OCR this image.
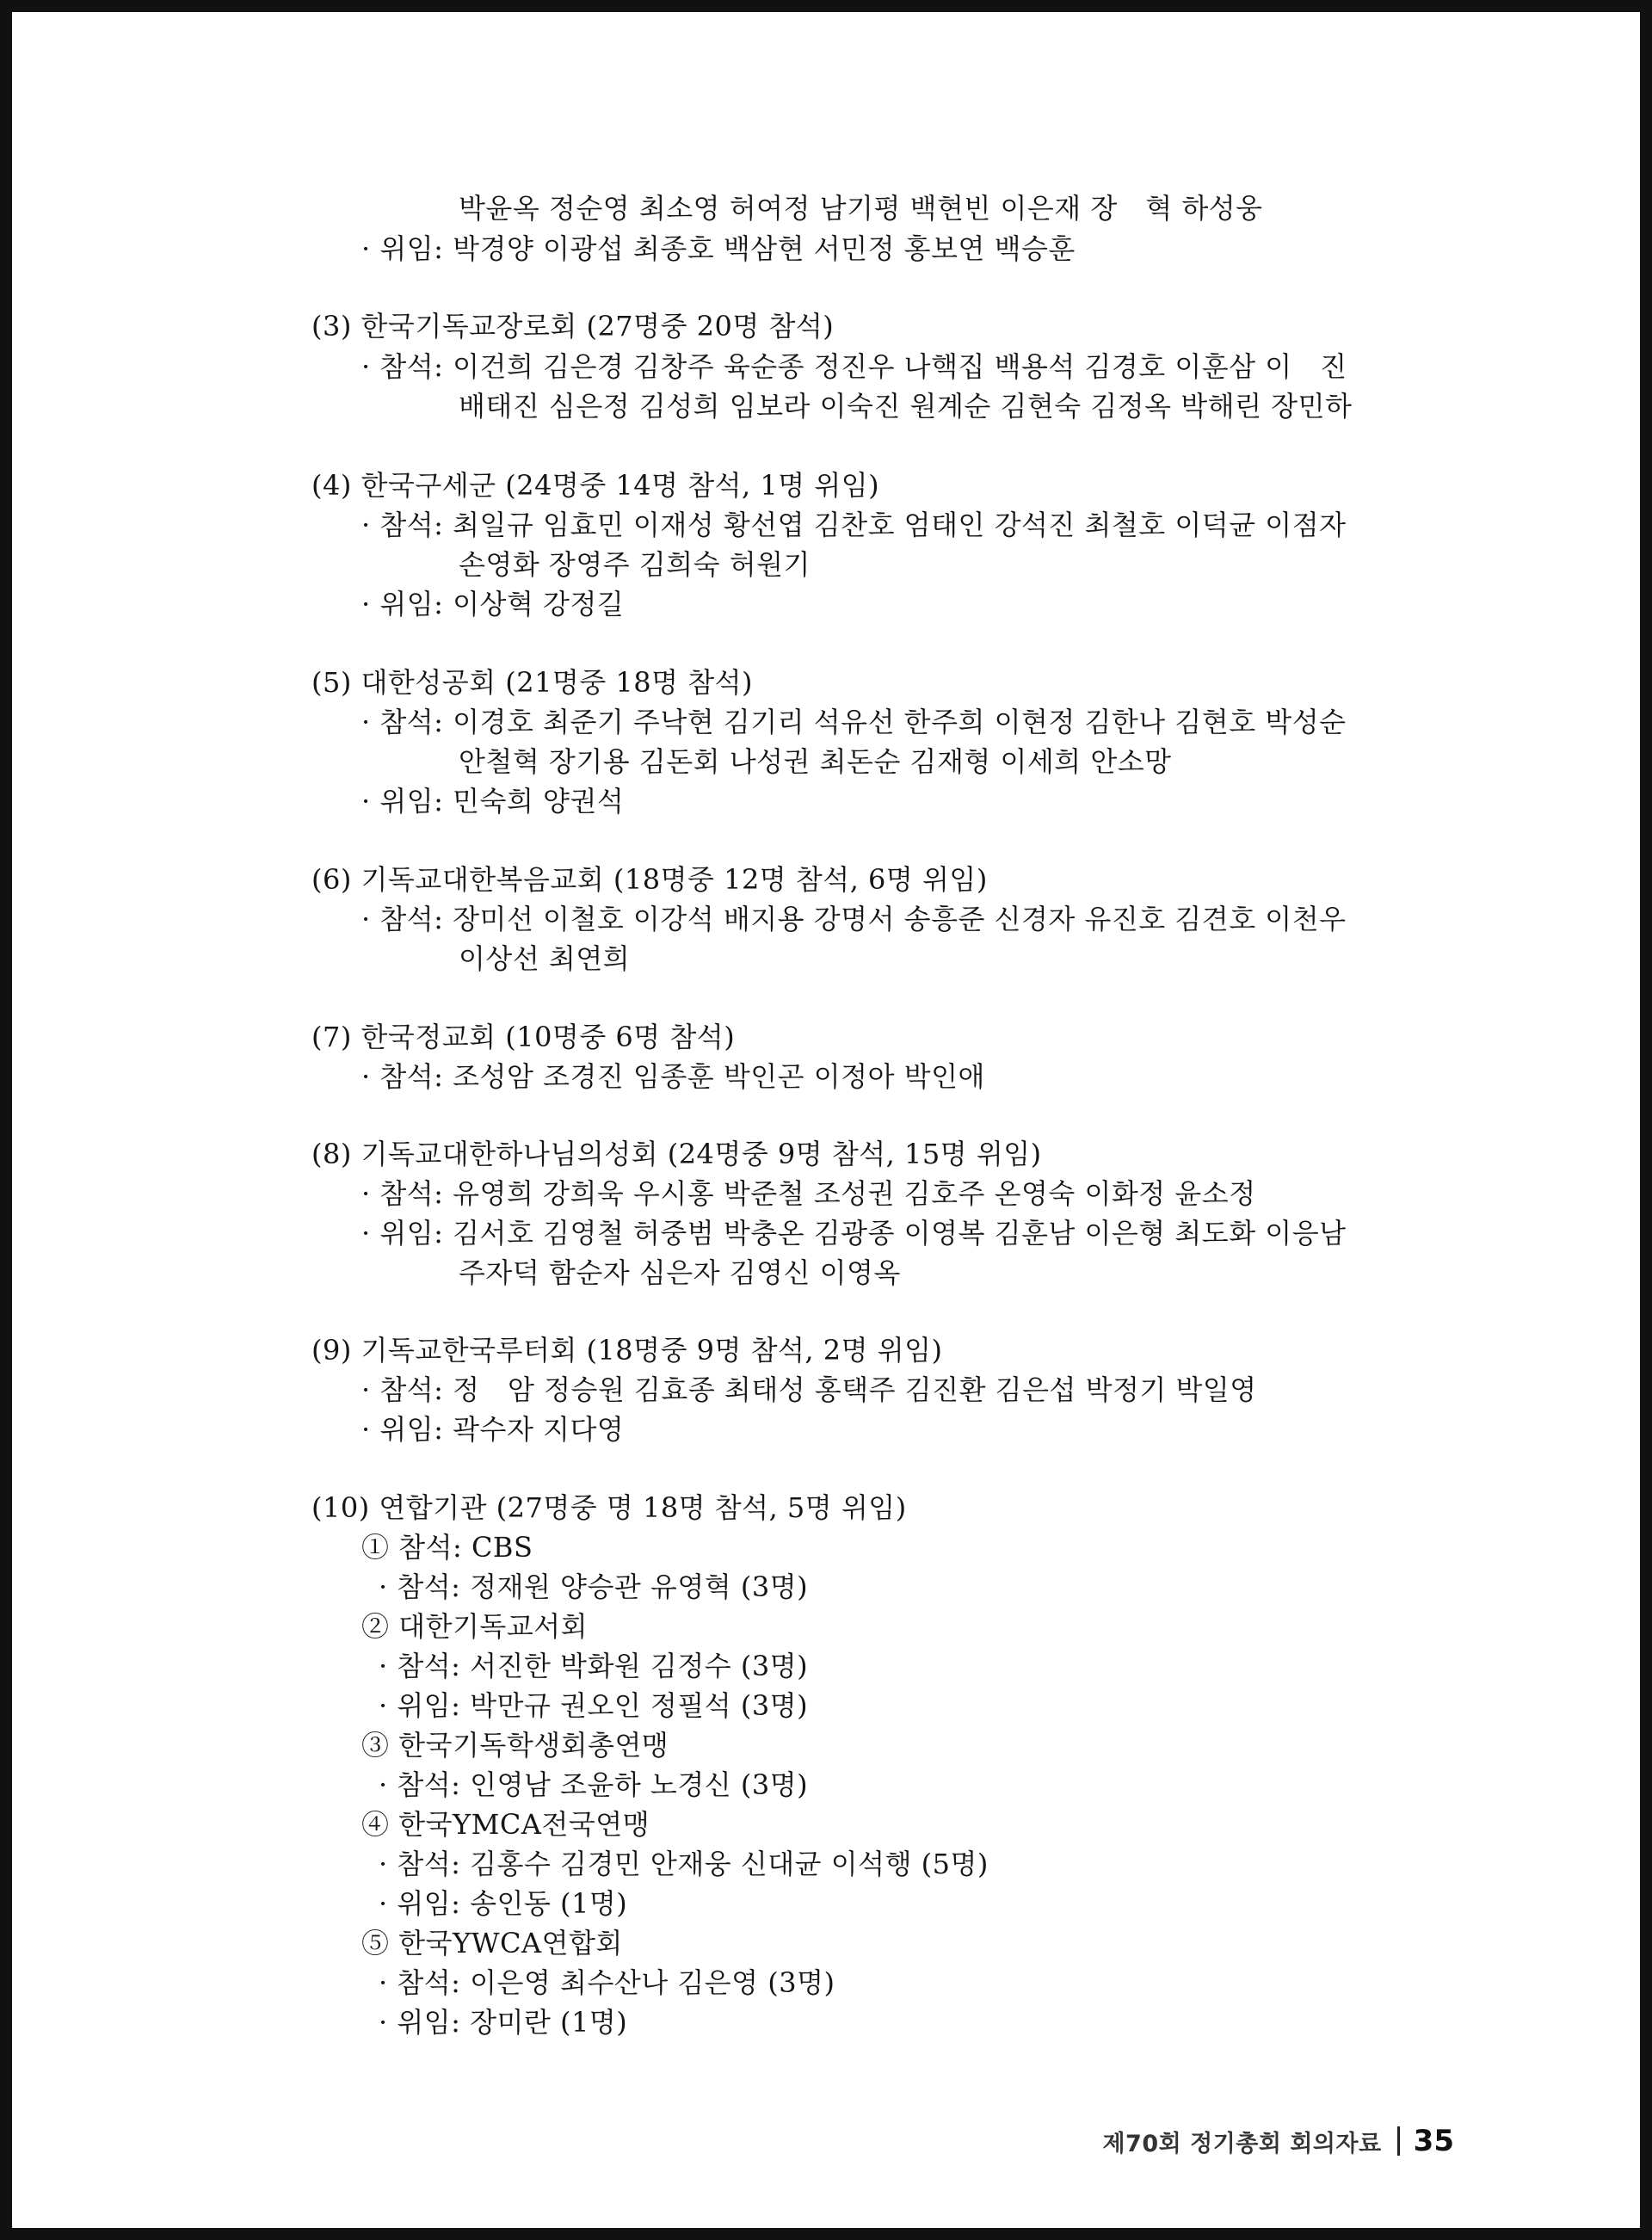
박윤옥 정순영 최소영 허여정 남기평 백현빈 이은재 장　혁 하성웅
· 위임: 박경양 이광섭 최종호 백삼현 서민정 홍보연 백승훈
(3) 한국기독교장로회 (27명중 20명 참석)
· 참석: 이건희 김은경 김창주 육순종 정진우 나핵집 백용석 김경호 이훈삼 이　진
배태진 심은정 김성희 임보라 이숙진 원계순 김현숙 김정옥 박해린 장민하
(4) 한국구세군 (24명중 14명 참석, 1명 위임)
· 참석: 최일규 임효민 이재성 황선엽 김찬호 엄태인 강석진 최철호 이덕균 이점자
손영화 장영주 김희숙 허원기
· 위임: 이상혁 강정길
(5) 대한성공회 (21명중 18명 참석)
· 참석: 이경호 최준기 주낙현 김기리 석유선 한주희 이현정 김한나 김현호 박성순
안철혁 장기용 김돈회 나성권 최돈순 김재형 이세희 안소망
· 위임: 민숙희 양권석
(6) 기독교대한복음교회 (18명중 12명 참석, 6명 위임)
· 참석: 장미선 이철호 이강석 배지용 강명서 송흥준 신경자 유진호 김견호 이천우
이상선 최연희
(7) 한국정교회 (10명중 6명 참석)
· 참석: 조성암 조경진 임종훈 박인곤 이정아 박인애
(8) 기독교대한하나님의성회 (24명중 9명 참석, 15명 위임)
· 참석: 유영희 강희욱 우시홍 박준철 조성권 김호주 온영숙 이화정 윤소정
· 위임: 김서호 김영철 허중범 박충온 김광종 이영복 김훈남 이은형 최도화 이응남
주자덕 함순자 심은자 김영신 이영옥
(9) 기독교한국루터회 (18명중 9명 참석, 2명 위임)
· 참석: 정　암 정승원 김효종 최태성 홍택주 김진환 김은섭 박정기 박일영
· 위임: 곽수자 지다영
(10) 연합기관 (27명중 명 18명 참석, 5명 위임)
① 참석: CBS
· 참석: 정재원 양승관 유영혁 (3명)
② 대한기독교서회
· 참석: 서진한 박화원 김정수 (3명)
· 위임: 박만규 권오인 정필석 (3명)
③ 한국기독학생회총연맹
· 참석: 인영남 조윤하 노경신 (3명)
④ 한국YMCA전국연맹
· 참석: 김홍수 김경민 안재웅 신대균 이석행 (5명)
· 위임: 송인동 (1명)
⑤ 한국YWCA연합회
· 참석: 이은영 최수산나 김은영 (3명)
· 위임: 장미란 (1명)
제70회 정기총회 회의자료 35
